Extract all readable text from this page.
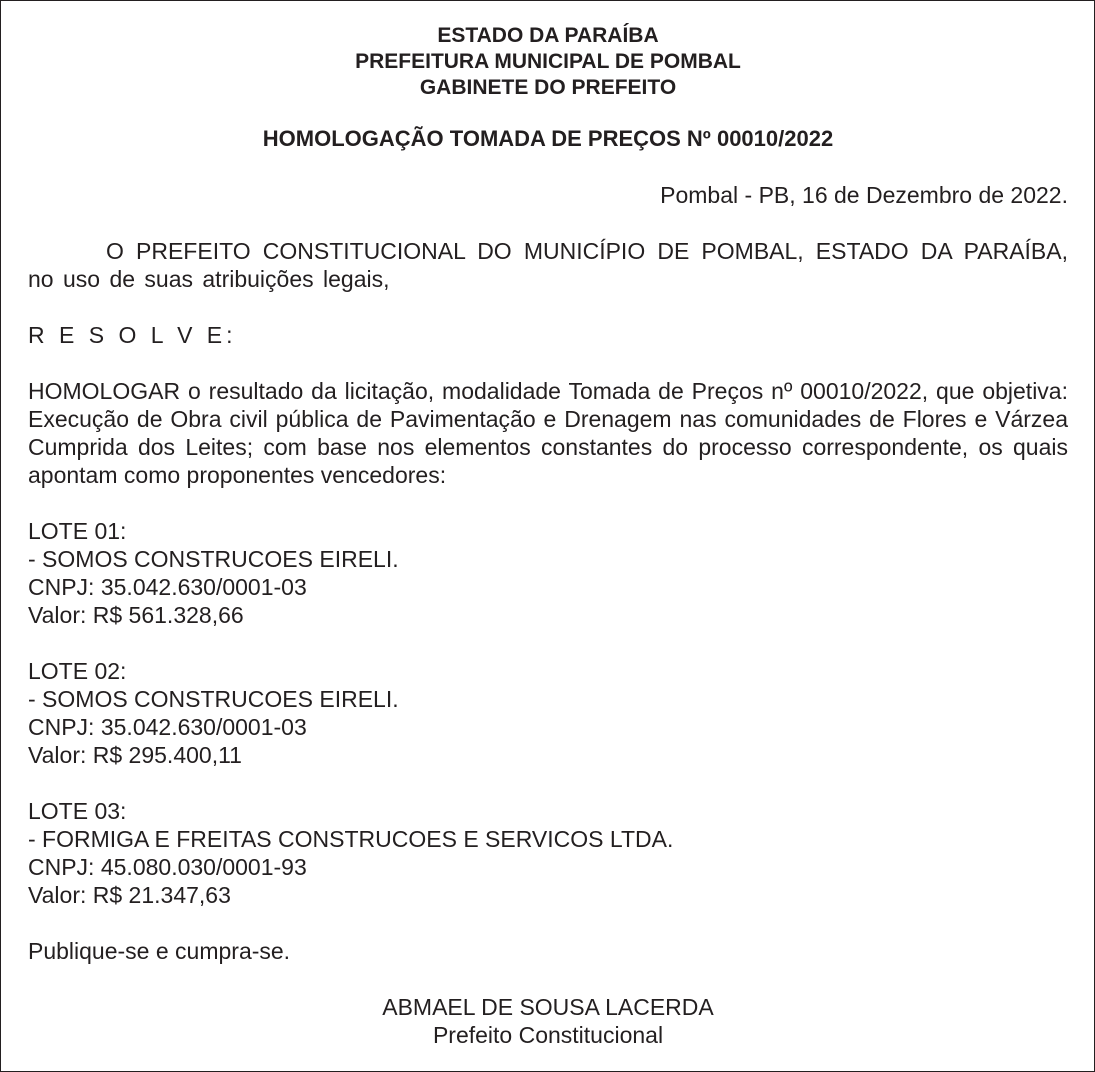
ESTADO DA PARAÍBA
PREFEITURA MUNICIPAL DE POMBAL
GABINETE DO PREFEITO
HOMOLOGAÇÃO TOMADA DE PREÇOS Nº 00010/2022
Pombal - PB, 16 de Dezembro de 2022.
O PREFEITO CONSTITUCIONAL DO MUNICÍPIO DE POMBAL, ESTADO DA PARAÍBA, no uso de suas atribuições legais,
R E S O L V E:
HOMOLOGAR o resultado da licitação, modalidade Tomada de Preços nº 00010/2022, que objetiva: Execução de Obra civil pública de Pavimentação e Drenagem nas comunidades de Flores e Várzea Cumprida dos Leites; com base nos elementos constantes do processo correspondente, os quais apontam como proponentes vencedores:
LOTE 01:
- SOMOS CONSTRUCOES EIRELI.
CNPJ: 35.042.630/0001-03
Valor: R$ 561.328,66
LOTE 02:
- SOMOS CONSTRUCOES EIRELI.
CNPJ: 35.042.630/0001-03
Valor: R$ 295.400,11
LOTE 03:
- FORMIGA E FREITAS CONSTRUCOES E SERVICOS LTDA.
CNPJ: 45.080.030/0001-93
Valor: R$ 21.347,63
Publique-se e cumpra-se.
ABMAEL DE SOUSA LACERDA
Prefeito Constitucional
